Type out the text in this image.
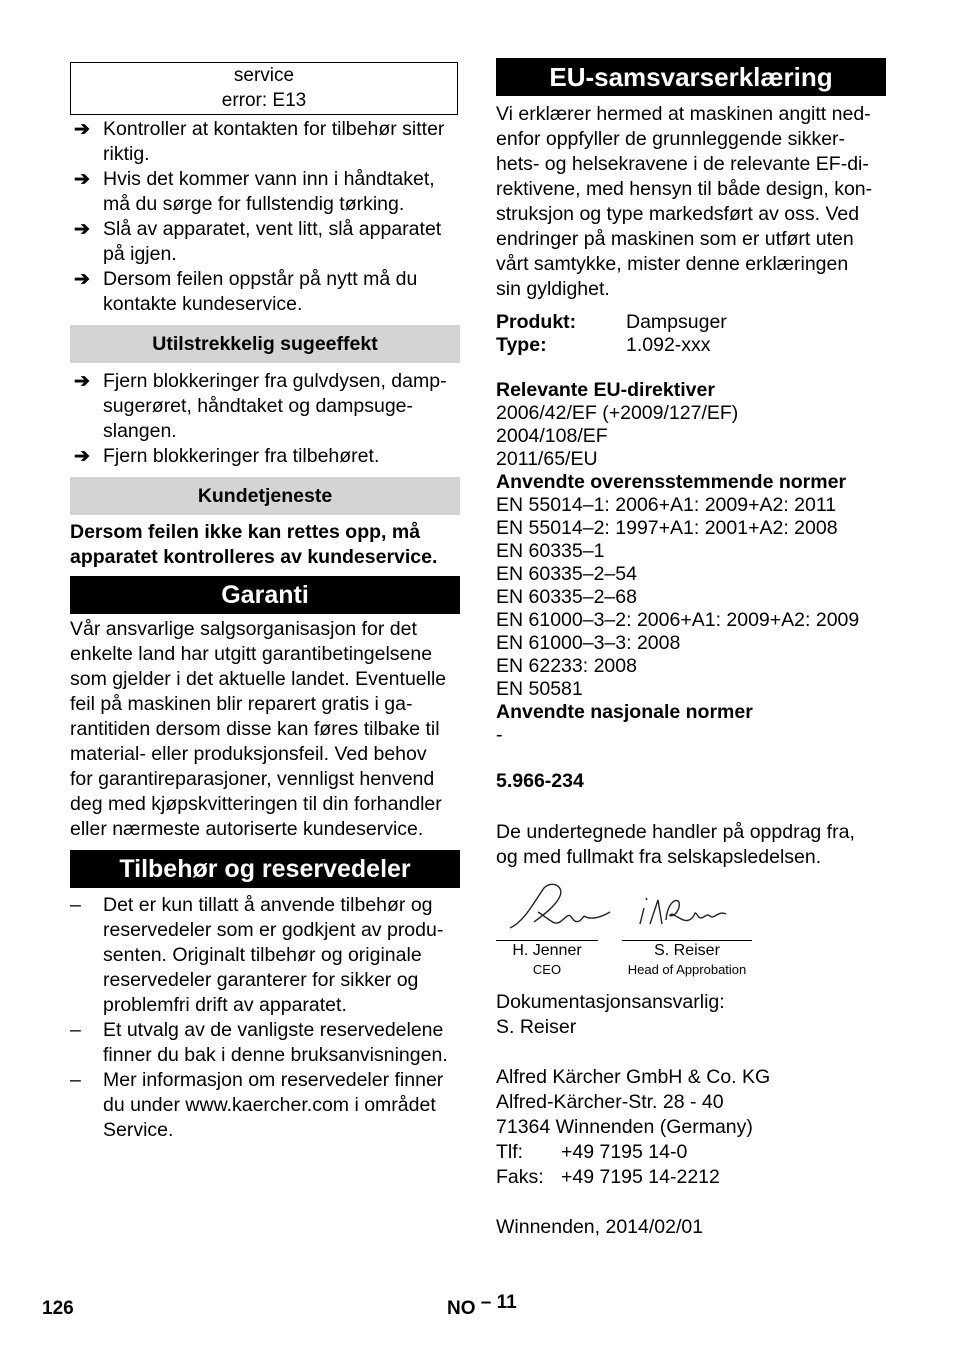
service
error: E13
➔ Kontroller at kontakten for tilbehør sitter
riktig.
➔ Hvis det kommer vann inn i håndtaket,
må du sørge for fullstendig tørking.
➔ Slå av apparatet, vent litt, slå apparatet
på igjen.
➔ Dersom feilen oppstår på nytt må du
kontakte kundeservice.
Utilstrekkelig sugeeffekt
➔ Fjern blokkeringer fra gulvdysen, damp-
sugerøret, håndtaket og dampsuge-
slangen.
➔ Fjern blokkeringer fra tilbehøret.
Kundetjeneste
Dersom feilen ikke kan rettes opp, må
apparatet kontrolleres av kundeservice.
Garanti
Vår ansvarlige salgsorganisasjon for det
enkelte land har utgitt garantibetingelsene
som gjelder i det aktuelle landet. Eventuelle
feil på maskinen blir reparert gratis i ga-
rantitiden dersom disse kan føres tilbake til
material- eller produksjonsfeil. Ved behov
for garantireparasjoner, vennligst henvend
deg med kjøpskvitteringen til din forhandler
eller nærmeste autoriserte kundeservice.
Tilbehør og reservedeler
– Det er kun tillatt å anvende tilbehør og
reservedeler som er godkjent av produ-
senten. Originalt tilbehør og originale
reservedeler garanterer for sikker og
problemfri drift av apparatet.
– Et utvalg av de vanligste reservedelene
finner du bak i denne bruksanvisningen.
– Mer informasjon om reservedeler finner
du under www.kaercher.com i området
Service.
EU-samsvarserklæring
Vi erklærer hermed at maskinen angitt ned-
enfor oppfyller de grunnleggende sikker-
hets- og helsekravene i de relevante EF-di-
rektivene, med hensyn til både design, kon-
struksjon og type markedsført av oss. Ved
endringer på maskinen som er utført uten
vårt samtykke, mister denne erklæringen
sin gyldighet.
Produkt:	Dampsuger
Type:	1.092-xxx
Relevante EU-direktiver
2006/42/EF (+2009/127/EF)
2004/108/EF
2011/65/EU
Anvendte overensstemmende normer
EN 55014–1: 2006+A1: 2009+A2: 2011
EN 55014–2: 1997+A1: 2001+A2: 2008
EN 60335–1
EN 60335–2–54
EN 60335–2–68
EN 61000–3–2: 2006+A1: 2009+A2: 2009
EN 61000–3–3: 2008
EN 62233: 2008
EN 50581
Anvendte nasjonale normer
-
5.966-234
De undertegnede handler på oppdrag fra,
og med fullmakt fra selskapsledelsen.
H. Jenner
CEO
S. Reiser
Head of Approbation
Dokumentasjonsansvarlig:
S. Reiser
Alfred Kärcher GmbH & Co. KG
Alfred-Kärcher-Str. 28 - 40
71364 Winnenden (Germany)
Tlf:	+49 7195 14-0
Faks: +49 7195 14-2212
Winnenden, 2014/02/01
126	NO – 11
